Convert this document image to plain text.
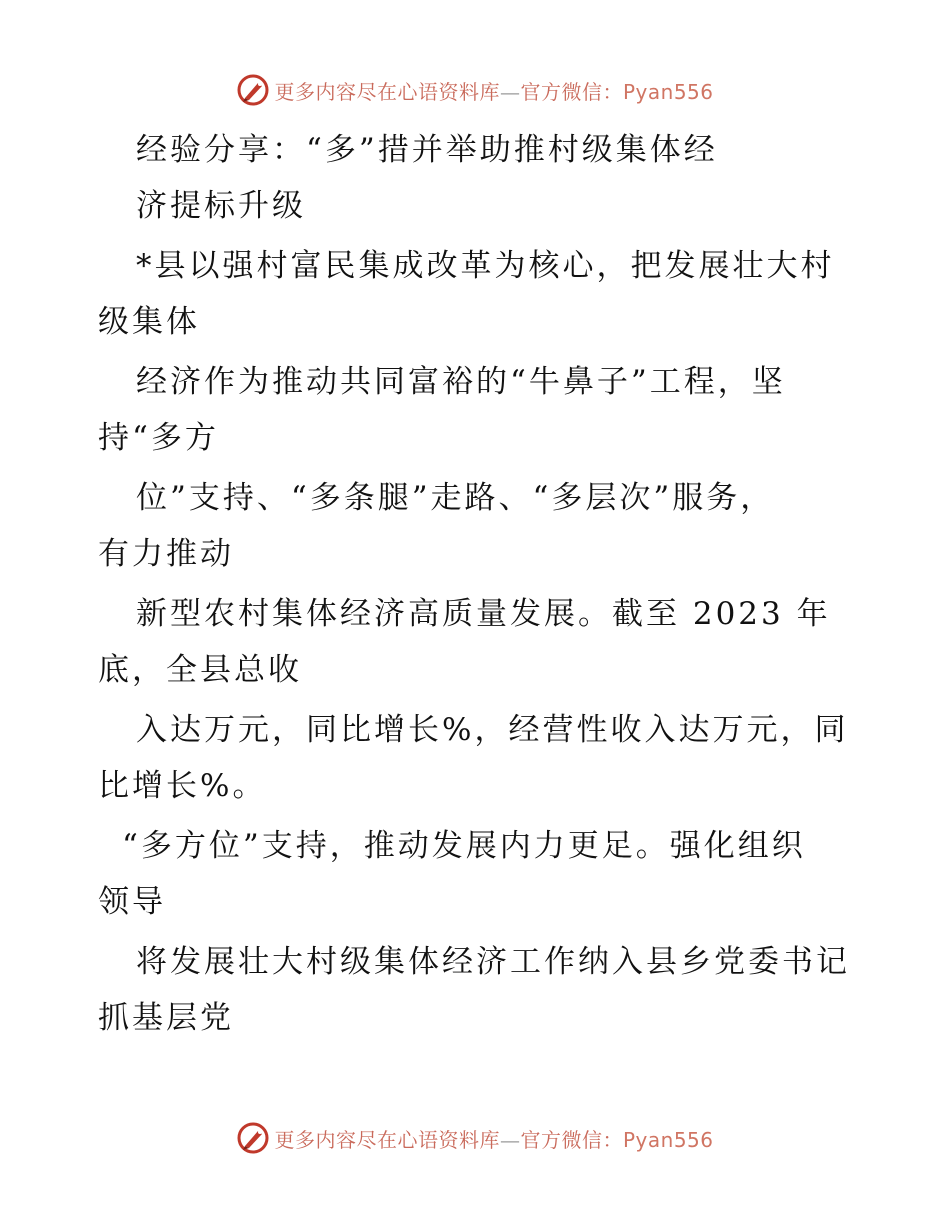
更多内容尽在心语资料库—官方微信：Pyan556
经验分享：“多”措并举助推村级集体经
济提标升级
*县以强村富民集成改革为核心，把发展壮大村
级集体
经济作为推动共同富裕的“牛鼻子”工程，坚
持“多方
位”支持、“多条腿”走路、“多层次”服务，
有力推动
新型农村集体经济高质量发展。截至 2023 年
底，全县总收
入达万元，同比增长%，经营性收入达万元，同
比增长%。
“多方位”支持，推动发展内力更足。强化组织
领导
将发展壮大村级集体经济工作纳入县乡党委书记
抓基层党
更多内容尽在心语资料库—官方微信：Pyan556
